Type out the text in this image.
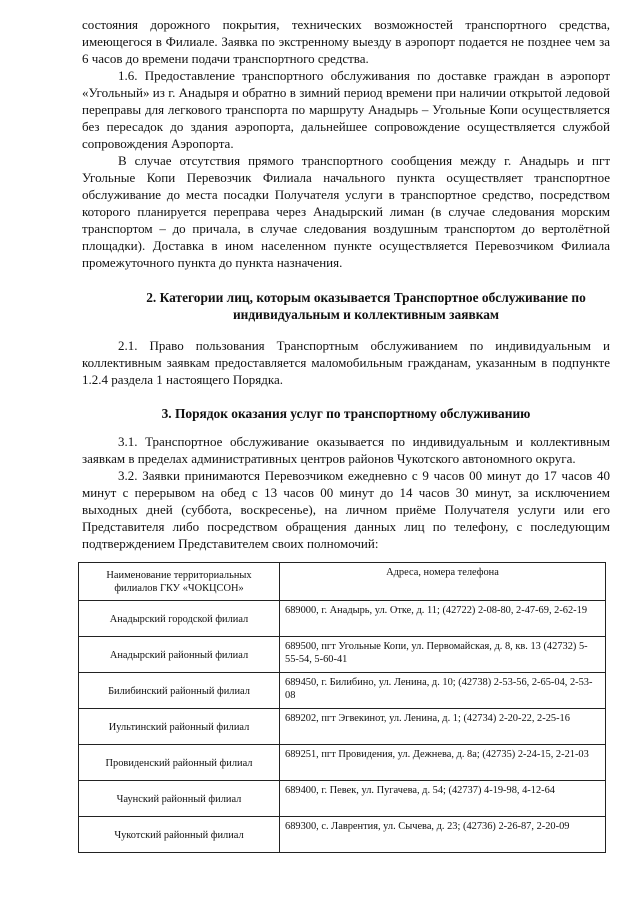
состояния дорожного покрытия, технических возможностей транспортного средства, имеющегося в Филиале. Заявка по экстренному выезду в аэропорт подается не позднее чем за 6 часов до времени подачи транспортного средства.

1.6. Предоставление транспортного обслуживания по доставке граждан в аэропорт «Угольный» из г. Анадыря и обратно в зимний период времени при наличии открытой ледовой переправы для легкового транспорта по маршруту Анадырь – Угольные Копи осуществляется без пересадок до здания аэропорта, дальнейшее сопровождение осуществляется службой сопровождения Аэропорта.

В случае отсутствия прямого транспортного сообщения между г. Анадырь и пгт Угольные Копи Перевозчик Филиала начального пункта осуществляет транспортное обслуживание до места посадки Получателя услуги в транспортное средство, посредством которого планируется переправа через Анадырский лиман (в случае следования морским транспортом – до причала, в случае следования воздушным транспортом до вертолётной площадки). Доставка в ином населенном пункте осуществляется Перевозчиком Филиала промежуточного пункта до пункта назначения.

2. Категории лиц, которым оказывается Транспортное обслуживание по индивидуальным и коллективным заявкам

2.1. Право пользования Транспортным обслуживанием по индивидуальным и коллективным заявкам предоставляется маломобильным гражданам, указанным в подпункте 1.2.4 раздела 1 настоящего Порядка.

3. Порядок оказания услуг по транспортному обслуживанию

3.1. Транспортное обслуживание оказывается по индивидуальным и коллективным заявкам в пределах административных центров районов Чукотского автономного округа.

3.2. Заявки принимаются Перевозчиком ежедневно с 9 часов 00 минут до 17 часов 40 минут с перерывом на обед с 13 часов 00 минут до 14 часов 30 минут, за исключением выходных дней (суббота, воскресенье), на личном приёме Получателя услуги или его Представителя либо посредством обращения данных лиц по телефону, с последующим подтверждением Представителем своих полномочий:

Наименование территориальных филиалов ГКУ «ЧОКЦСОН»	Адреса, номера телефона
Анадырский городской филиал	689000, г. Анадырь, ул. Отке, д. 11; (42722) 2-08-80, 2-47-69, 2-62-19
Анадырский районный филиал	689500, пгт Угольные Копи, ул. Первомайская, д. 8, кв. 13 (42732) 5-55-54, 5-60-41
Билибинский районный филиал	689450, г. Билибино, ул. Ленина, д. 10; (42738) 2-53-56, 2-65-04, 2-53-08
Иультинский районный филиал	689202, пгт Эгвекинот, ул. Ленина, д. 1; (42734) 2-20-22, 2-25-16
Провиденский районный филиал	689251, пгт Провидения, ул. Дежнева, д. 8а; (42735) 2-24-15, 2-21-03
Чаунский районный филиал	689400, г. Певек, ул. Пугачева, д. 54; (42737) 4-19-98, 4-12-64
Чукотский районный филиал	689300, с. Лаврентия, ул. Сычева, д. 23; (42736) 2-26-87, 2-20-09
